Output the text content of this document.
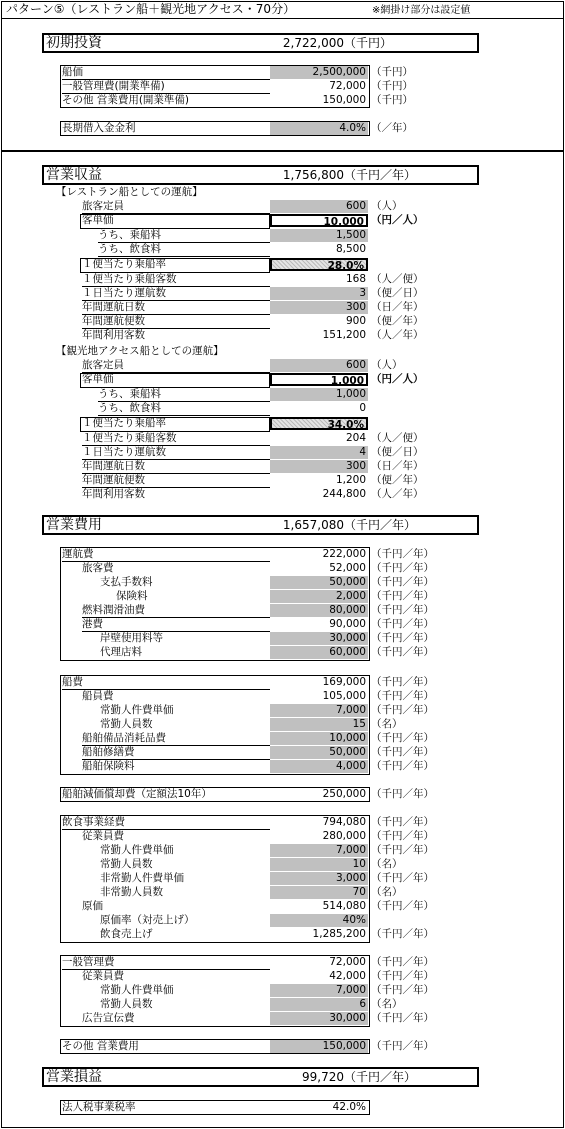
パターン⑤（レストラン船＋観光地アクセス・70分）	※網掛け部分は設定値
初期投資	2,722,000 （千円）
船価	2,500,000 （千円）
一般管理費(開業準備)	72,000 （千円）
その他 営業費用(開業準備)	150,000 （千円）
長期借入金金利	4.0% （／年）
営業収益	1,756,800 （千円／年）
【レストラン船としての運航】
【観光地アクセス船としての運航】
旅客定員	600 （人）
客単価	10,000 （円／人）
うち、乗船料	1,500
うち、飲食料	8,500
１便当たり乗船率	28.0%
１便当たり乗船客数	168 （人／便）
１日当たり運航数	3 （便／日）
年間運航日数	300 （日／年）
年間運航便数	900 （便／年）
年間利用客数	151,200 （人／年）
旅客定員	600 （人）
客単価	1,000 （円／人）
うち、乗船料	1,000
うち、飲食料	0
１便当たり乗船率	34.0%
１便当たり乗船客数	204 （人／便）
１日当たり運航数	4 （便／日）
年間運航日数	300 （日／年）
年間運航便数	1,200 （便／年）
年間利用客数	244,800 （人／年）
営業費用	1,657,080 （千円／年）
運航費	222,000 （千円／年）
旅客費	52,000 （千円／年）
支払手数料	50,000 （千円／年）
保険料	2,000 （千円／年）
燃料潤滑油費	80,000 （千円／年）
港費	90,000 （千円／年）
岸壁使用料等	30,000 （千円／年）
代理店料	60,000 （千円／年）
船費	169,000 （千円／年）
船員費	105,000 （千円／年）
常勤人件費単価	7,000 （千円／年）
常勤人員数	15 （名）
船舶備品消耗品費	10,000 （千円／年）
船舶修繕費	50,000 （千円／年）
船舶保険料	4,000 （千円／年）
船舶減価償却費（定額法10年）	250,000 （千円／年）
飲食事業経費	794,080 （千円／年）
従業員費	280,000 （千円／年）
常勤人件費単価	7,000 （千円／年）
常勤人員数	10 （名）
非常勤人件費単価	3,000 （千円／年）
非常勤人員数	70 （名）
原価	514,080 （千円／年）
原価率（対売上げ）	40%
飲食売上げ	1,285,200 （千円／年）
一般管理費	72,000 （千円／年）
従業員費	42,000 （千円／年）
常勤人件費単価	7,000 （千円／年）
常勤人員数	6 （名）
広告宣伝費	30,000 （千円／年）
その他 営業費用	150,000 （千円／年）
営業損益	99,720 （千円／年）
法人税事業税率	42.0%
